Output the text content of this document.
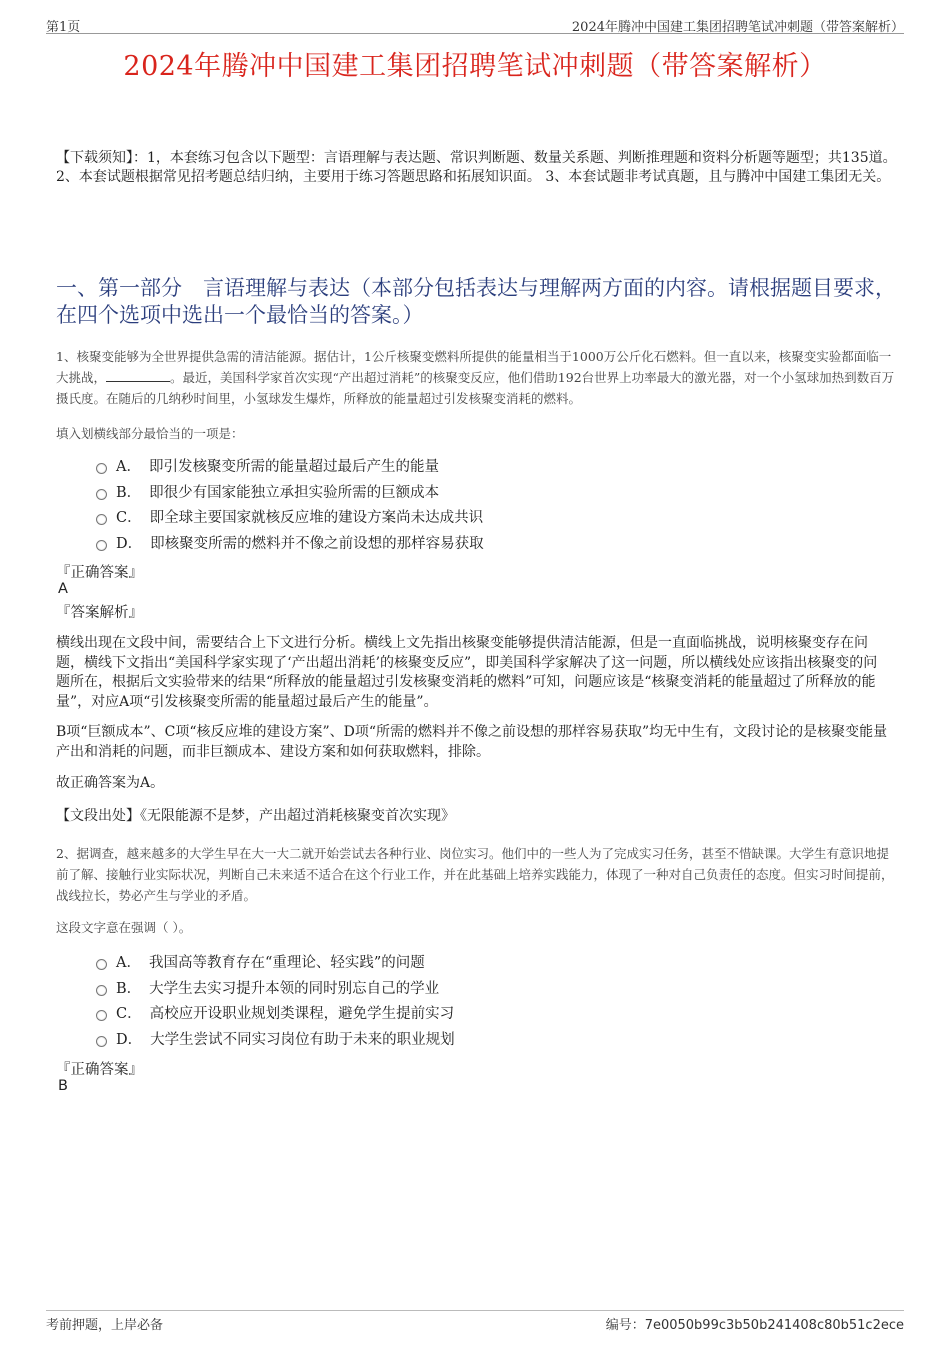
第1页	2024年腾冲中国建工集团招聘笔试冲刺题（带答案解析）
2024年腾冲中国建工集团招聘笔试冲刺题（带答案解析）
【下载须知】：1，本套练习包含以下题型：言语理解与表达题、常识判断题、数量关系题、判断推理题和资料分析题等题型；共135道。 2、本套试题根据常见招考题总结归纳，主要用于练习答题思路和拓展知识面。 3、本套试题非考试真题，且与腾冲中国建工集团无关。
一、第一部分　言语理解与表达（本部分包括表达与理解两方面的内容。请根据题目要求，在四个选项中选出一个最恰当的答案。）
1、核聚变能够为全世界提供急需的清洁能源。据估计，1公斤核聚变燃料所提供的能量相当于1000万公斤化石燃料。但一直以来，核聚变实验都面临一大挑战，	。最近，美国科学家首次实现“产出超过消耗”的核聚变反应，他们借助192台世界上功率最大的激光器，对一个小氢球加热到数百万摄氏度。在随后的几纳秒时间里，小氢球发生爆炸，所释放的能量超过引发核聚变消耗的燃料。
填入划横线部分最恰当的一项是：
A． 即引发核聚变所需的能量超过最后产生的能量
B． 即很少有国家能独立承担实验所需的巨额成本
C． 即全球主要国家就核反应堆的建设方案尚未达成共识
D． 即核聚变所需的燃料并不像之前设想的那样容易获取
『正确答案』
A
『答案解析』
横线出现在文段中间，需要结合上下文进行分析。横线上文先指出核聚变能够提供清洁能源，但是一直面临挑战，说明核聚变存在问题，横线下文指出“美国科学家实现了‘产出超出消耗’的核聚变反应”，即美国科学家解决了这一问题，所以横线处应该指出核聚变的问题所在，根据后文实验带来的结果“所释放的能量超过引发核聚变消耗的燃料”可知，问题应该是“核聚变消耗的能量超过了所释放的能量”，对应A项“引发核聚变所需的能量超过最后产生的能量”。
B项“巨额成本”、C项“核反应堆的建设方案”、D项“所需的燃料并不像之前设想的那样容易获取”均无中生有，文段讨论的是核聚变能量产出和消耗的问题，而非巨额成本、建设方案和如何获取燃料，排除。
故正确答案为A。
【文段出处】《无限能源不是梦，产出超过消耗核聚变首次实现》
2、据调查，越来越多的大学生早在大一大二就开始尝试去各种行业、岗位实习。他们中的一些人为了完成实习任务，甚至不惜缺课。大学生有意识地提前了解、接触行业实际状况，判断自己未来适不适合在这个行业工作，并在此基础上培养实践能力，体现了一种对自己负责任的态度。但实习时间提前，战线拉长，势必产生与学业的矛盾。
这段文字意在强调（ ）。
A． 我国高等教育存在“重理论、轻实践”的问题
B． 大学生去实习提升本领的同时别忘自己的学业
C． 高校应开设职业规划类课程，避免学生提前实习
D． 大学生尝试不同实习岗位有助于未来的职业规划
『正确答案』
B
考前押题，上岸必备	编号：7e0050b99c3b50b241408c80b51c2ece
